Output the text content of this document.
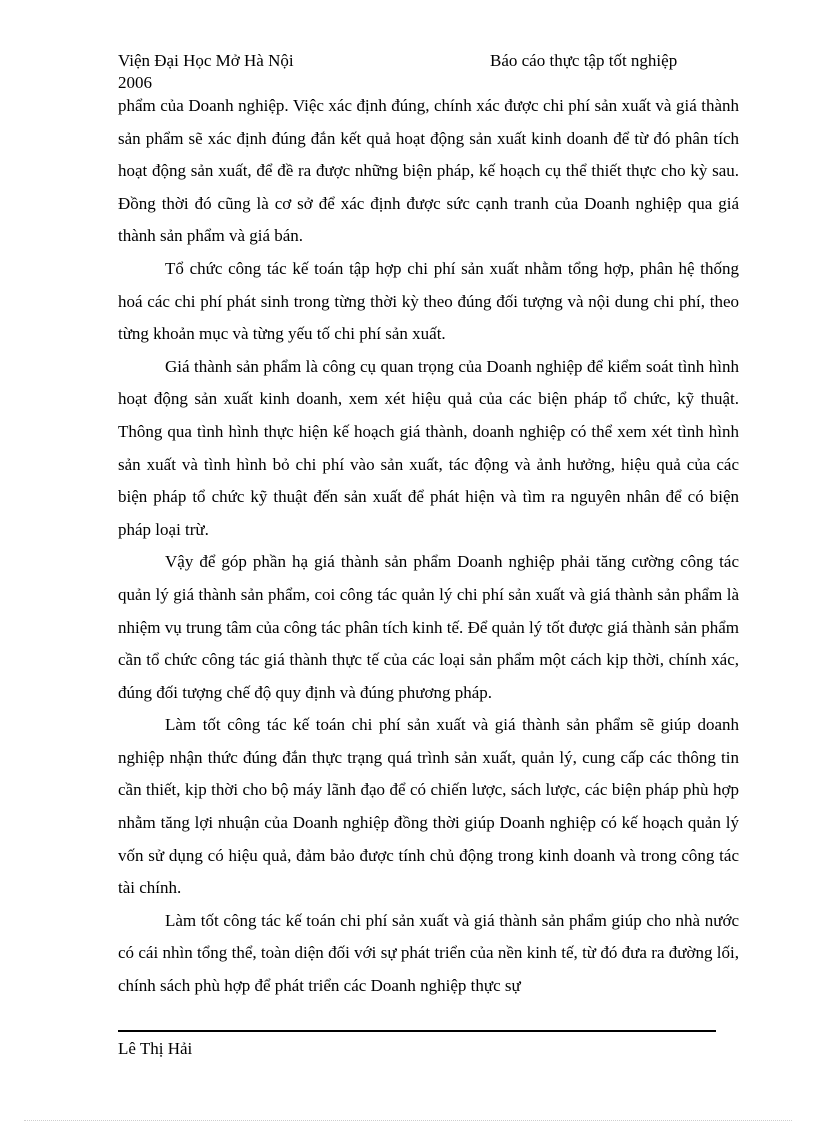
Viện Đại Học Mở Hà Nội
2006
Báo cáo thực tập tốt nghiệp

phẩm của Doanh nghiệp. Việc xác định đúng, chính xác được chi phí sản xuất và giá thành sản phẩm sẽ xác định đúng đắn kết quả hoạt động sản xuất kinh doanh để từ đó phân tích hoạt động sản xuất, để đề ra được những biện pháp, kế hoạch cụ thể thiết thực cho kỳ sau. Đồng thời đó cũng là cơ sở để xác định được sức cạnh tranh của Doanh nghiệp qua giá thành sản phẩm và giá bán.

Tổ chức công tác kế toán tập hợp chi phí sản xuất nhằm tổng hợp, phân hệ thống hoá các chi phí phát sinh trong từng thời kỳ theo đúng đối tượng và nội dung chi phí, theo từng khoản mục và từng yếu tố chi phí sản xuất.

Giá thành sản phẩm là công cụ quan trọng của Doanh nghiệp để kiểm soát tình hình hoạt động sản xuất kinh doanh, xem xét hiệu quả của các biện pháp tổ chức, kỹ thuật. Thông qua tình hình thực hiện kế hoạch giá thành, doanh nghiệp có thể xem xét tình hình sản xuất và tình hình bỏ chi phí vào sản xuất, tác động và ảnh hưởng, hiệu quả của các biện pháp tổ chức kỹ thuật đến sản xuất để phát hiện và tìm ra nguyên nhân để có biện pháp loại trừ.

Vậy để góp phần hạ giá thành sản phẩm Doanh nghiệp phải tăng cường công tác quản lý giá thành sản phẩm, coi công tác quản lý chi phí sản xuất và giá thành sản phẩm là nhiệm vụ trung tâm của công tác phân tích kinh tế. Để quản lý tốt được giá thành sản phẩm cần tổ chức công tác giá thành thực tế của các loại sản phẩm một cách kịp thời, chính xác, đúng đối tượng chế độ quy định và đúng phương pháp.

Làm tốt công tác kế toán chi phí sản xuất và giá thành sản phẩm sẽ giúp doanh nghiệp nhận thức đúng đắn thực trạng quá trình sản xuất, quản lý, cung cấp các thông tin cần thiết, kịp thời cho bộ máy lãnh đạo để có chiến lược, sách lược, các biện pháp phù hợp nhằm tăng lợi nhuận của Doanh nghiệp đồng thời giúp Doanh nghiệp có kế hoạch quản lý vốn sử dụng có hiệu quả, đảm bảo được tính chủ động trong kinh doanh và trong công tác tài chính.

Làm tốt công tác kế toán chi phí sản xuất và giá thành sản phẩm giúp cho nhà nước có cái nhìn tổng thể, toàn diện đối với sự phát triển của nền kinh tế, từ đó đưa ra đường lối, chính sách phù hợp để phát triển các Doanh nghiệp thực sự

Lê Thị Hải
